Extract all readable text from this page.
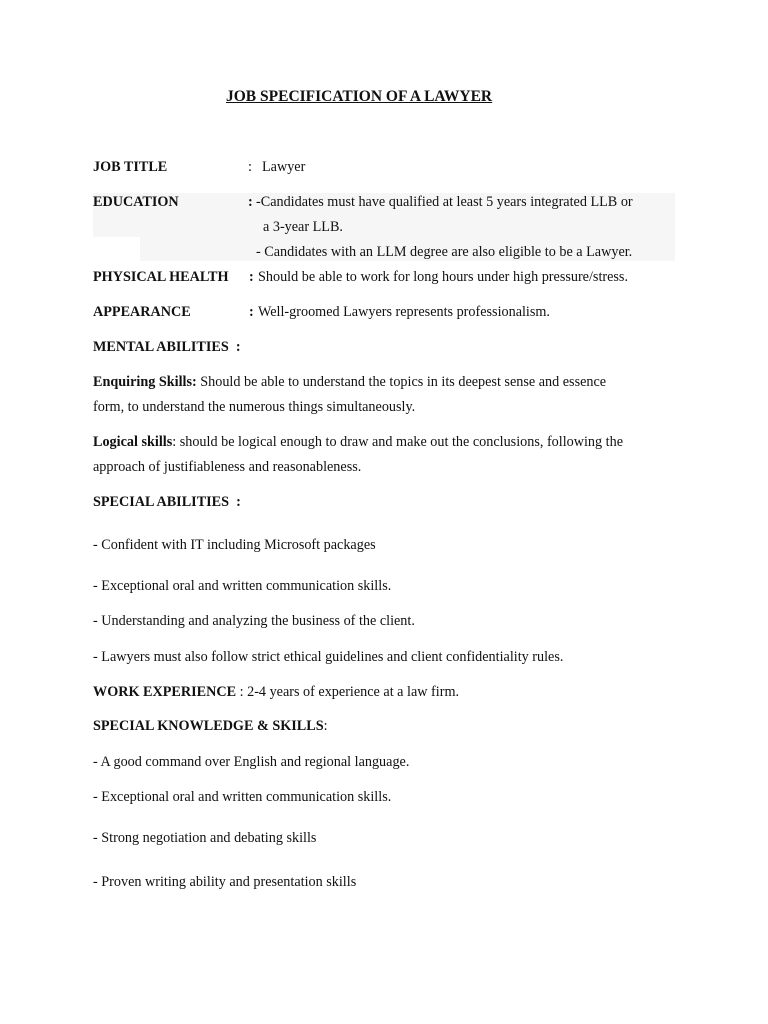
JOB SPECIFICATION OF A LAWYER
JOB TITLE	: Lawyer
EDUCATION	: -Candidates must have qualified at least 5 years integrated LLB or
a 3-year LLB.
- Candidates with an LLM degree are also eligible to be a Lawyer.
PHYSICAL HEALTH : Should be able to work for long hours under high pressure/stress.
APPEARANCE	: Well-groomed Lawyers represents professionalism.
MENTAL ABILITIES  :
Enquiring Skills: Should be able to understand the topics in its deepest sense and essence
form, to understand the numerous things simultaneously.
Logical skills: should be logical enough to draw and make out the conclusions, following the
approach of justifiableness and reasonableness.
SPECIAL ABILITIES  :
- Confident with IT including Microsoft packages
- Exceptional oral and written communication skills.
- Understanding and analyzing the business of the client.
- Lawyers must also follow strict ethical guidelines and client confidentiality rules.
WORK EXPERIENCE : 2-4 years of experience at a law firm.
SPECIAL KNOWLEDGE & SKILLS:
- A good command over English and regional language.
- Exceptional oral and written communication skills.
- Strong negotiation and debating skills
- Proven writing ability and presentation skills
